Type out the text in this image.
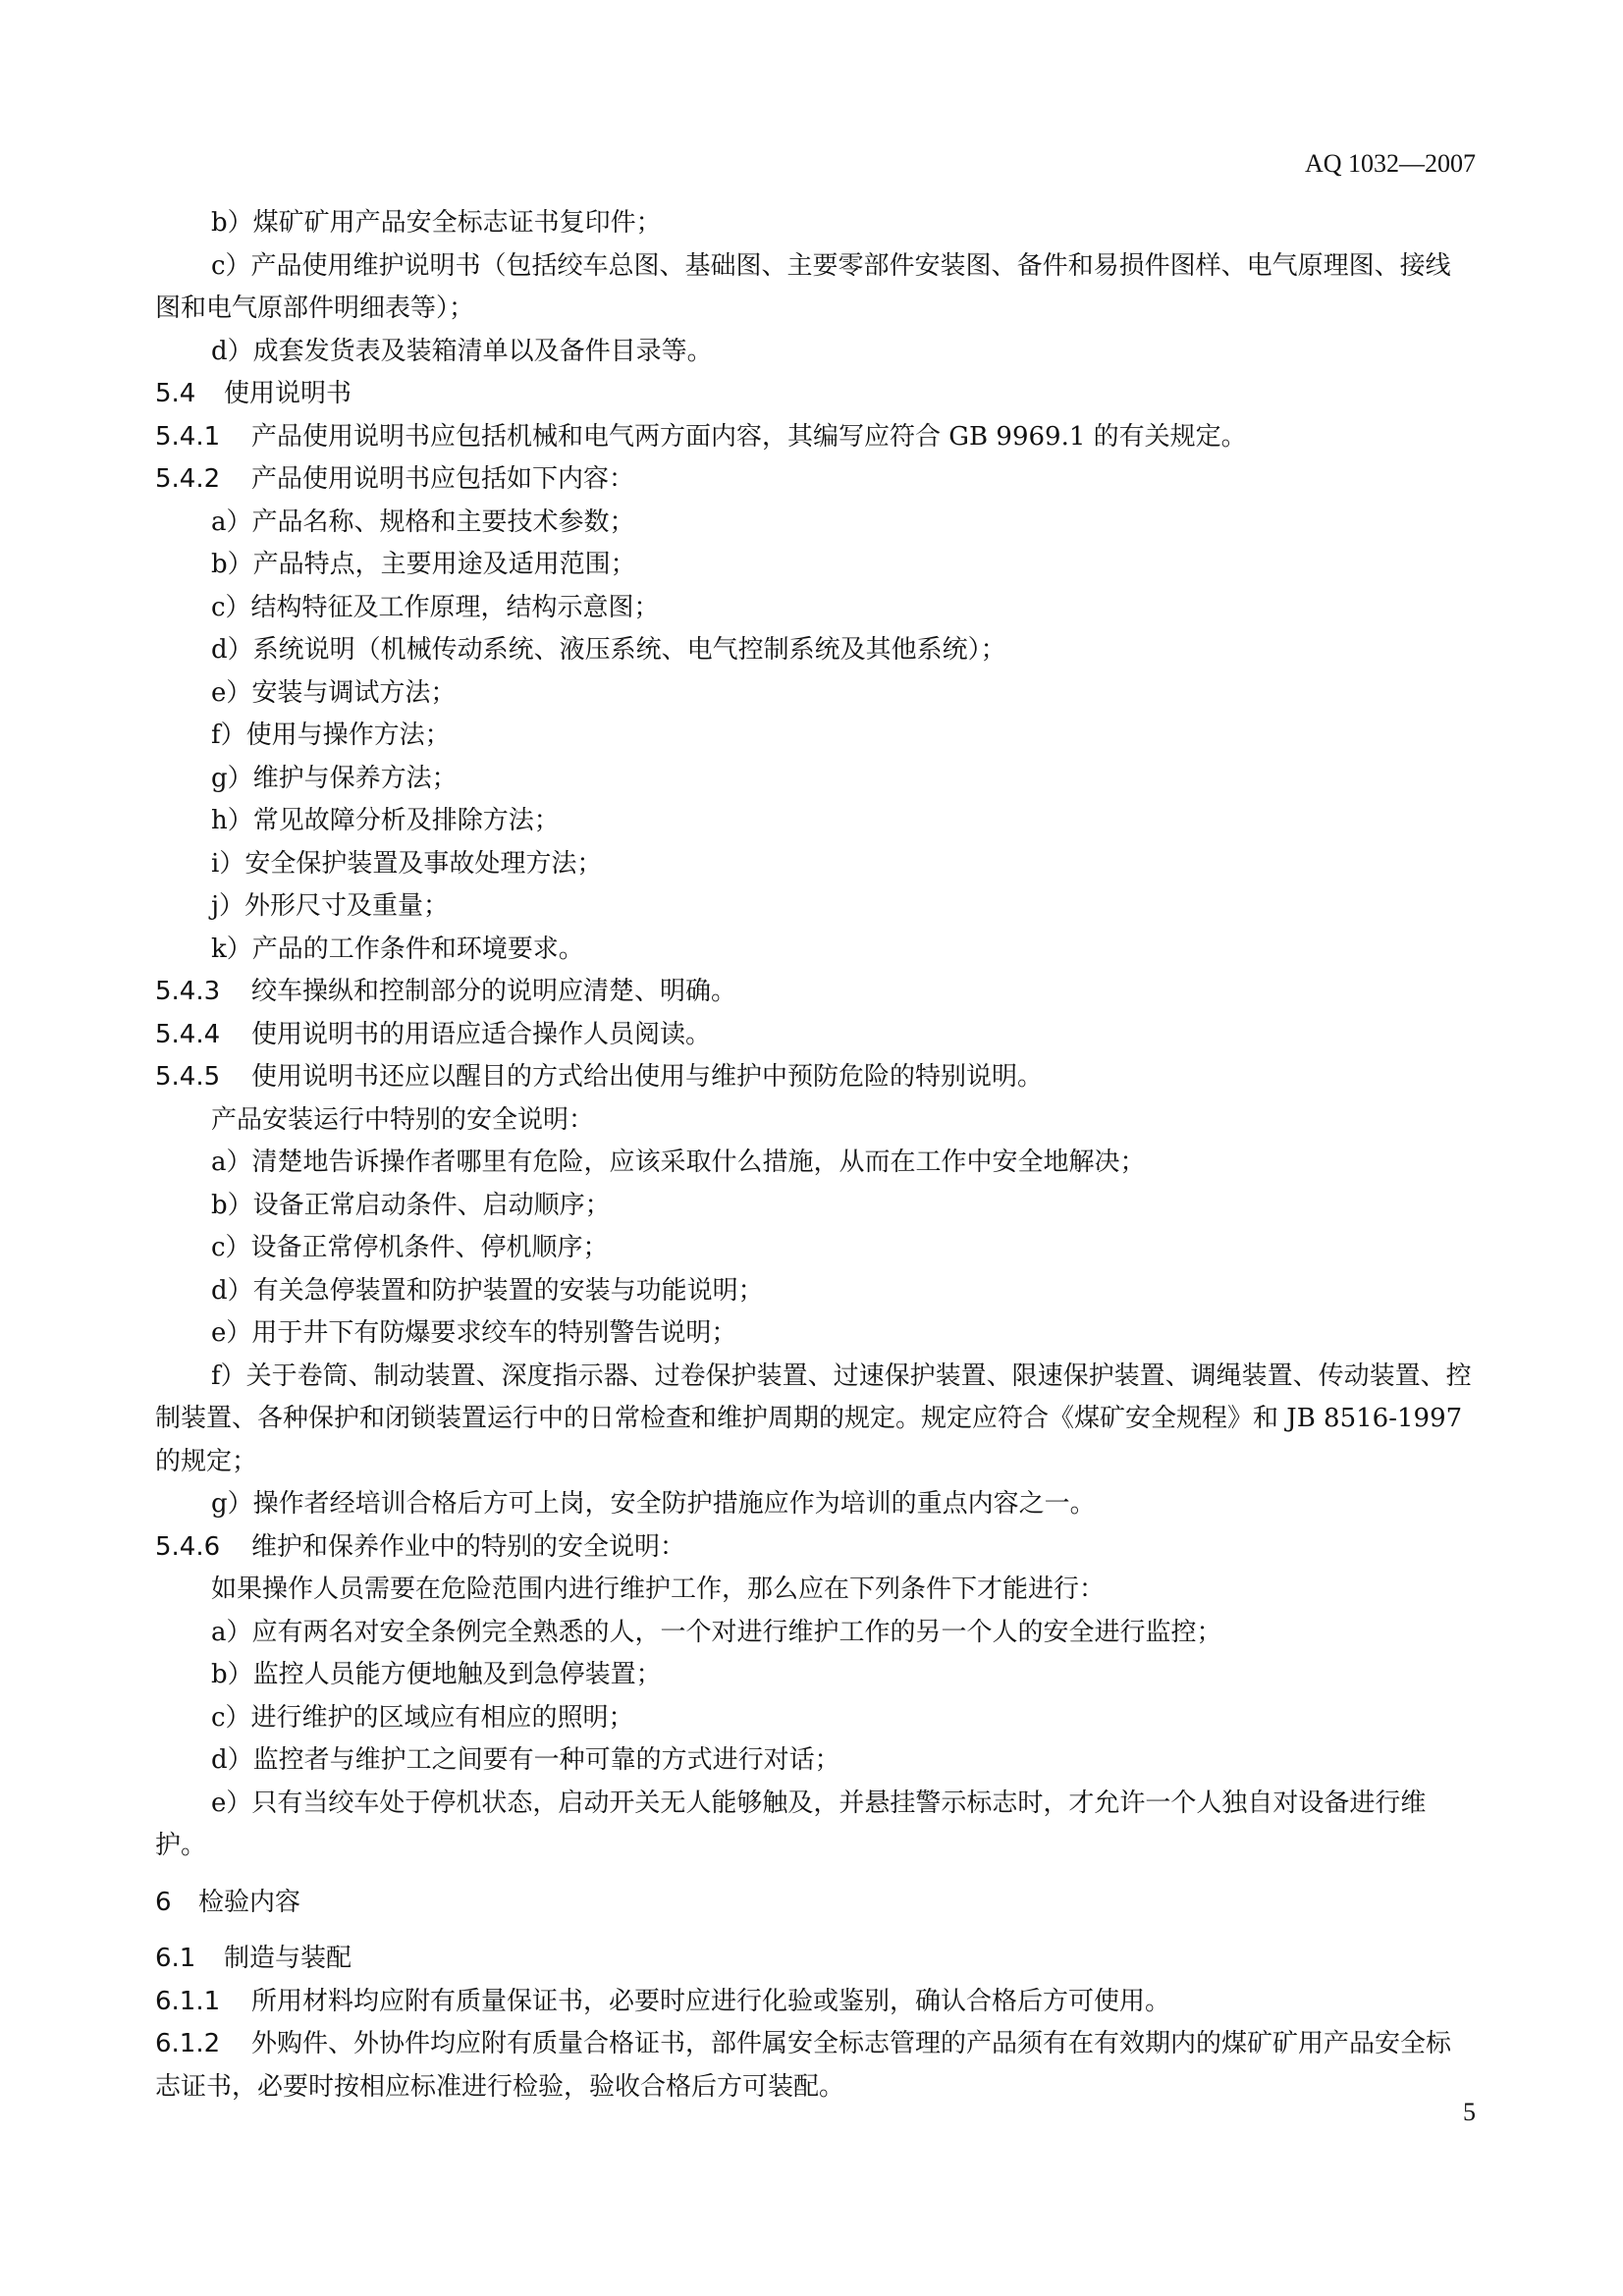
AQ 1032—2007
b）煤矿矿用产品安全标志证书复印件；
c）产品使用维护说明书（包括绞车总图、基础图、主要零部件安装图、备件和易损件图样、电气原理图、接线图和电气原部件明细表等）；
d）成套发货表及装箱清单以及备件目录等。
5.4 使用说明书
5.4.1 产品使用说明书应包括机械和电气两方面内容，其编写应符合 GB 9969.1 的有关规定。
5.4.2 产品使用说明书应包括如下内容：
a）产品名称、规格和主要技术参数；
b）产品特点，主要用途及适用范围；
c）结构特征及工作原理，结构示意图；
d）系统说明（机械传动系统、液压系统、电气控制系统及其他系统）；
e）安装与调试方法；
f）使用与操作方法；
g）维护与保养方法；
h）常见故障分析及排除方法；
i）安全保护装置及事故处理方法；
j）外形尺寸及重量；
k）产品的工作条件和环境要求。
5.4.3 绞车操纵和控制部分的说明应清楚、明确。
5.4.4 使用说明书的用语应适合操作人员阅读。
5.4.5 使用说明书还应以醒目的方式给出使用与维护中预防危险的特别说明。
产品安装运行中特别的安全说明：
a）清楚地告诉操作者哪里有危险，应该采取什么措施，从而在工作中安全地解决；
b）设备正常启动条件、启动顺序；
c）设备正常停机条件、停机顺序；
d）有关急停装置和防护装置的安装与功能说明；
e）用于井下有防爆要求绞车的特别警告说明；
f）关于卷筒、制动装置、深度指示器、过卷保护装置、过速保护装置、限速保护装置、调绳装置、传动装置、控制装置、各种保护和闭锁装置运行中的日常检查和维护周期的规定。规定应符合《煤矿安全规程》和 JB 8516-1997 的规定；
g）操作者经培训合格后方可上岗，安全防护措施应作为培训的重点内容之一。
5.4.6 维护和保养作业中的特别的安全说明：
如果操作人员需要在危险范围内进行维护工作，那么应在下列条件下才能进行：
a）应有两名对安全条例完全熟悉的人，一个对进行维护工作的另一个人的安全进行监控；
b）监控人员能方便地触及到急停装置；
c）进行维护的区域应有相应的照明；
d）监控者与维护工之间要有一种可靠的方式进行对话；
e）只有当绞车处于停机状态，启动开关无人能够触及，并悬挂警示标志时，才允许一个人独自对设备进行维护。
6 检验内容
6.1 制造与装配
6.1.1 所用材料均应附有质量保证书，必要时应进行化验或鉴别，确认合格后方可使用。
6.1.2 外购件、外协件均应附有质量合格证书，部件属安全标志管理的产品须有在有效期内的煤矿矿用产品安全标志证书，必要时按相应标准进行检验，验收合格后方可装配。
5
